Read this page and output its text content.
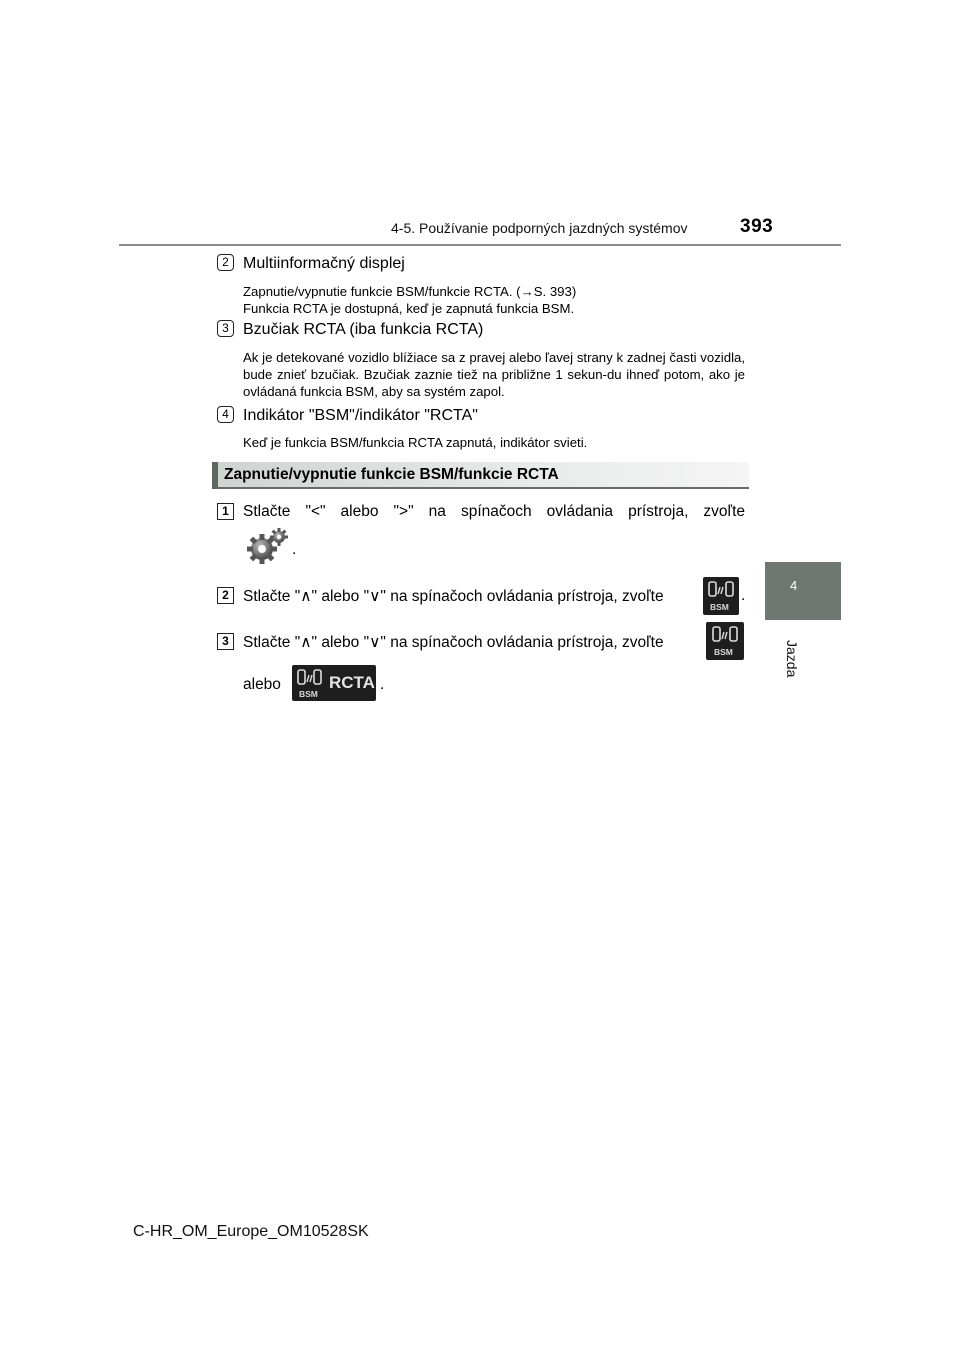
4-5. Používanie podporných jazdných systémov	393
4
Jazda
2 Multiinformačný displej
Zapnutie/vypnutie funkcie BSM/funkcie RCTA. (→S. 393)
Funkcia RCTA je dostupná, keď je zapnutá funkcia BSM.
3 Bzučiak RCTA (iba funkcia RCTA)
Ak je detekované vozidlo blížiace sa z pravej alebo ľavej strany k zadnej časti vozidla, bude znieť bzučiak. Bzučiak zaznie tiež na približne 1 sekun-du ihneď potom, ako je ovládaná funkcia BSM, aby sa systém zapol.
4 Indikátor "BSM"/indikátor "RCTA"
Keď je funkcia BSM/funkcia RCTA zapnutá, indikátor svieti.
Zapnutie/vypnutie funkcie BSM/funkcie RCTA
1 Stlačte "<" alebo ">" na spínačoch ovládania prístroja, zvoľte
.
2 Stlačte "∧" alebo "∨" na spínačoch ovládania prístroja, zvoľte
BSM
.
3 Stlačte "∧" alebo "∨" na spínačoch ovládania prístroja, zvoľte
BSM
alebo
BSM
RCTA .
C-HR_OM_Europe_OM10528SK
